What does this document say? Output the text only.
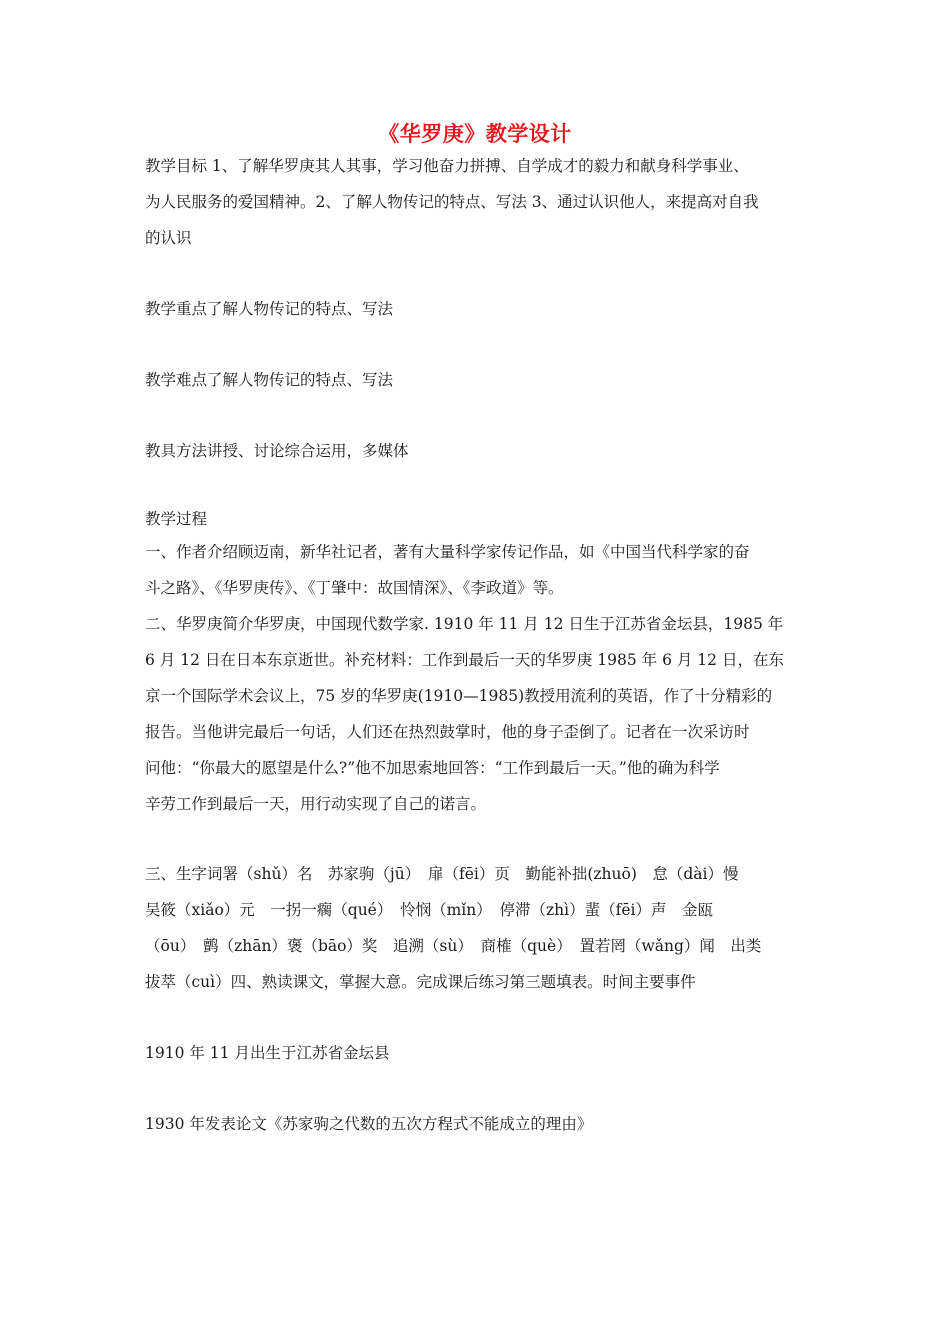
《华罗庚》教学设计
教学目标 1、了解华罗庚其人其事，学习他奋力拼搏、自学成才的毅力和献身科学事业、
为人民服务的爱国精神。2、了解人物传记的特点、写法 3、通过认识他人，来提高对自我
的认识
教学重点了解人物传记的特点、写法
教学难点了解人物传记的特点、写法
教具方法讲授、讨论综合运用，多媒体
教学过程
一、作者介绍顾迈南，新华社记者，著有大量科学家传记作品，如《中国当代科学家的奋
斗之路》、《华罗庚传》、《丁肇中：故国情深》、《李政道》等。
二、华罗庚简介华罗庚，中国现代数学家. 1910 年 11 月 12 日生于江苏省金坛县，1985 年
6 月 12 日在日本东京逝世。补充材料：工作到最后一天的华罗庚 1985 年 6 月 12 日，在东
京一个国际学术会议上，75 岁的华罗庚(1910—1985)教授用流利的英语，作了十分精彩的
报告。当他讲完最后一句话，人们还在热烈鼓掌时，他的身子歪倒了。记者在一次采访时
问他：“你最大的愿望是什么?”他不加思索地回答：“工作到最后一天。”他的确为科学
辛劳工作到最后一天，用行动实现了自己的诺言。
三、生字词署（shǔ）名　苏家驹（jū）　扉（fēi）页　勤能补拙(zhuō)　怠（dài）慢
吴筱（xiǎo）元　一拐一瘸（qué）　怜悯（mǐn）　停滞（zhì）蜚（fēi）声　金瓯
（ōu）　鹯（zhān）褒（bāo）奖　追溯（sù）　商榷（què）　置若罔（wǎng）闻　出类
拔萃（cuì）四、熟读课文，掌握大意。完成课后练习第三题填表。时间主要事件
1910 年 11 月出生于江苏省金坛县
1930 年发表论文《苏家驹之代数的五次方程式不能成立的理由》
